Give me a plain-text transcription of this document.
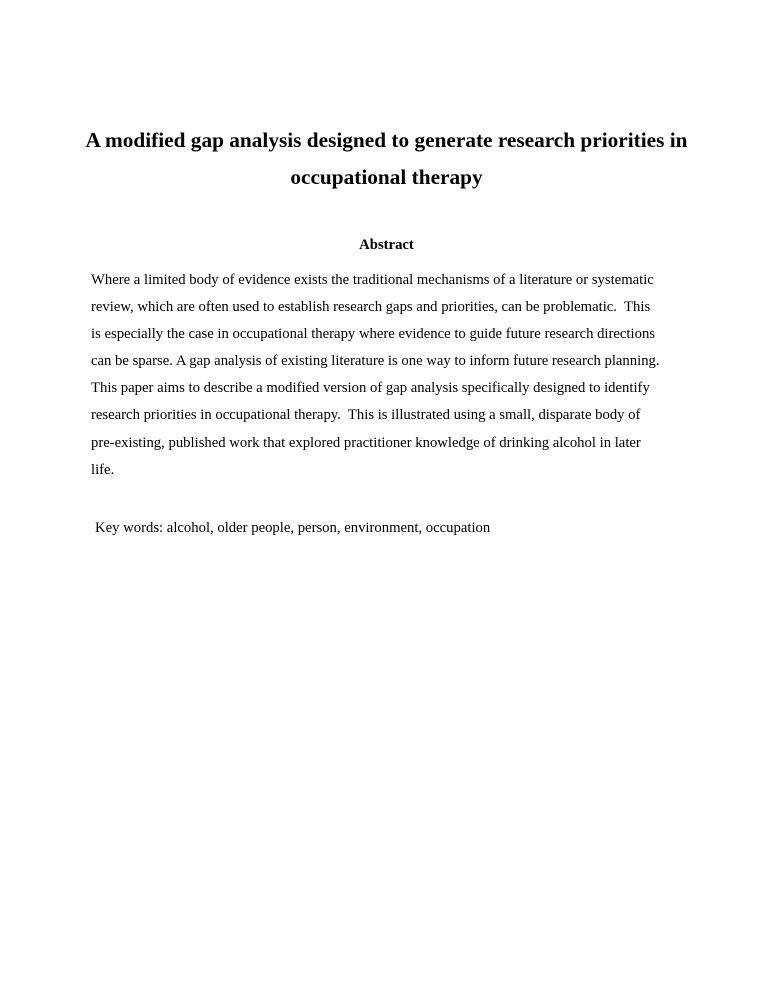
A modified gap analysis designed to generate research priorities in
occupational therapy
Abstract

Where a limited body of evidence exists the traditional mechanisms of a literature or systematic
review, which are often used to establish research gaps and priorities, can be problematic.  This
is especially the case in occupational therapy where evidence to guide future research directions
can be sparse. A gap analysis of existing literature is one way to inform future research planning.
This paper aims to describe a modified version of gap analysis specifically designed to identify
research priorities in occupational therapy.  This is illustrated using a small, disparate body of
pre-existing, published work that explored practitioner knowledge of drinking alcohol in later
life.

Key words: alcohol, older people, person, environment, occupation
